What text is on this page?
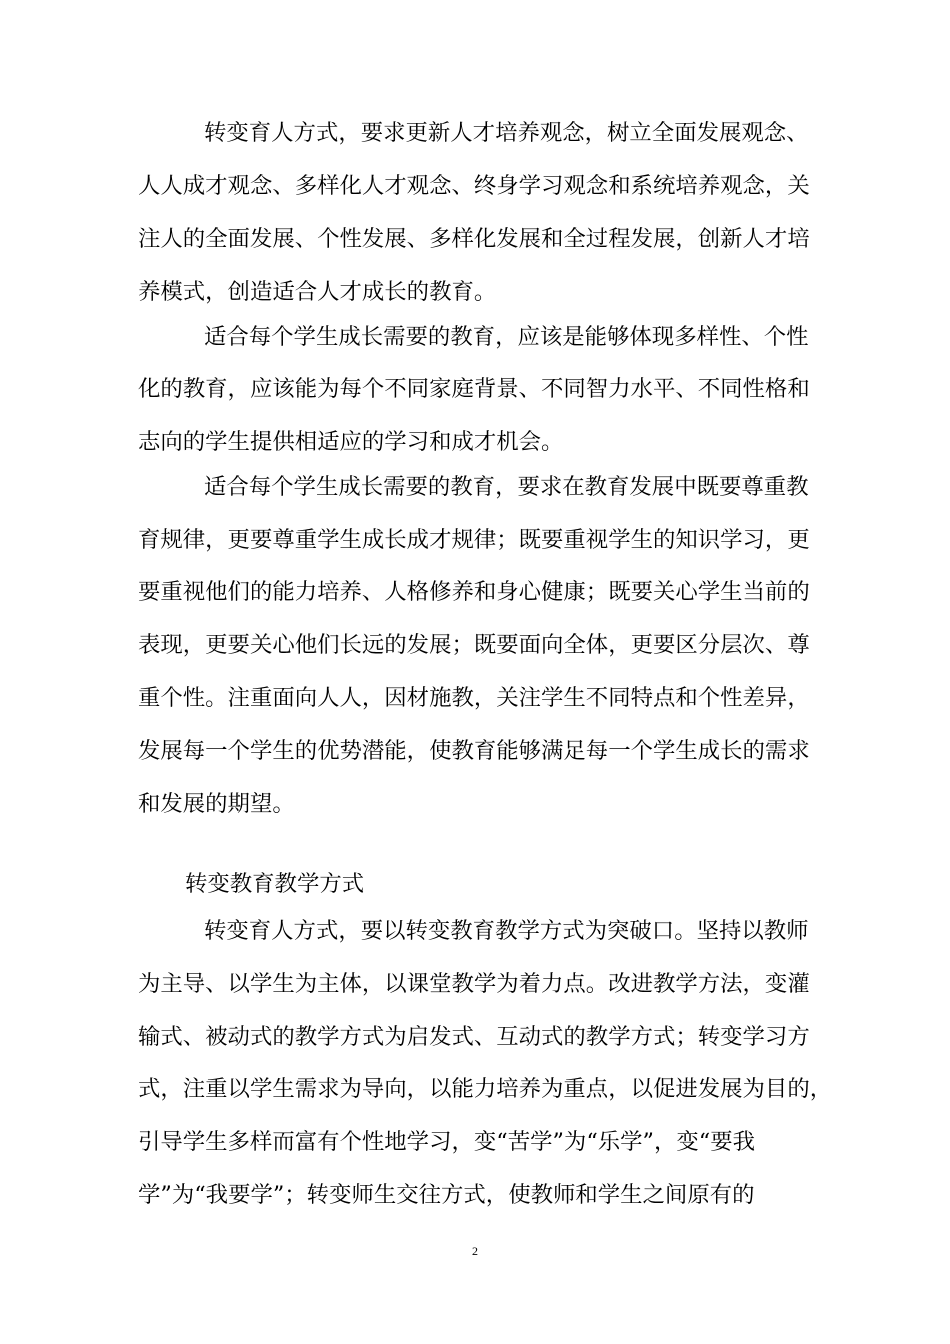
转变育人方式，要求更新人才培养观念，树立全面发展观念、
人人成才观念、多样化人才观念、终身学习观念和系统培养观念，关
注人的全面发展、个性发展、多样化发展和全过程发展，创新人才培
养模式，创造适合人才成长的教育。
适合每个学生成长需要的教育，应该是能够体现多样性、个性
化的教育，应该能为每个不同家庭背景、不同智力水平、不同性格和
志向的学生提供相适应的学习和成才机会。
适合每个学生成长需要的教育，要求在教育发展中既要尊重教
育规律，更要尊重学生成长成才规律；既要重视学生的知识学习，更
要重视他们的能力培养、人格修养和身心健康；既要关心学生当前的
表现，更要关心他们长远的发展；既要面向全体，更要区分层次、尊
重个性。注重面向人人，因材施教，关注学生不同特点和个性差异，
发展每一个学生的优势潜能，使教育能够满足每一个学生成长的需求
和发展的期望。
转变教育教学方式
转变育人方式，要以转变教育教学方式为突破口。坚持以教师
为主导、以学生为主体，以课堂教学为着力点。改进教学方法，变灌
输式、被动式的教学方式为启发式、互动式的教学方式；转变学习方
式，注重以学生需求为导向，以能力培养为重点，以促进发展为目的，
引导学生多样而富有个性地学习，变“苦学”为“乐学”，变“要我
学”为“我要学”；转变师生交往方式，使教师和学生之间原有的
2
